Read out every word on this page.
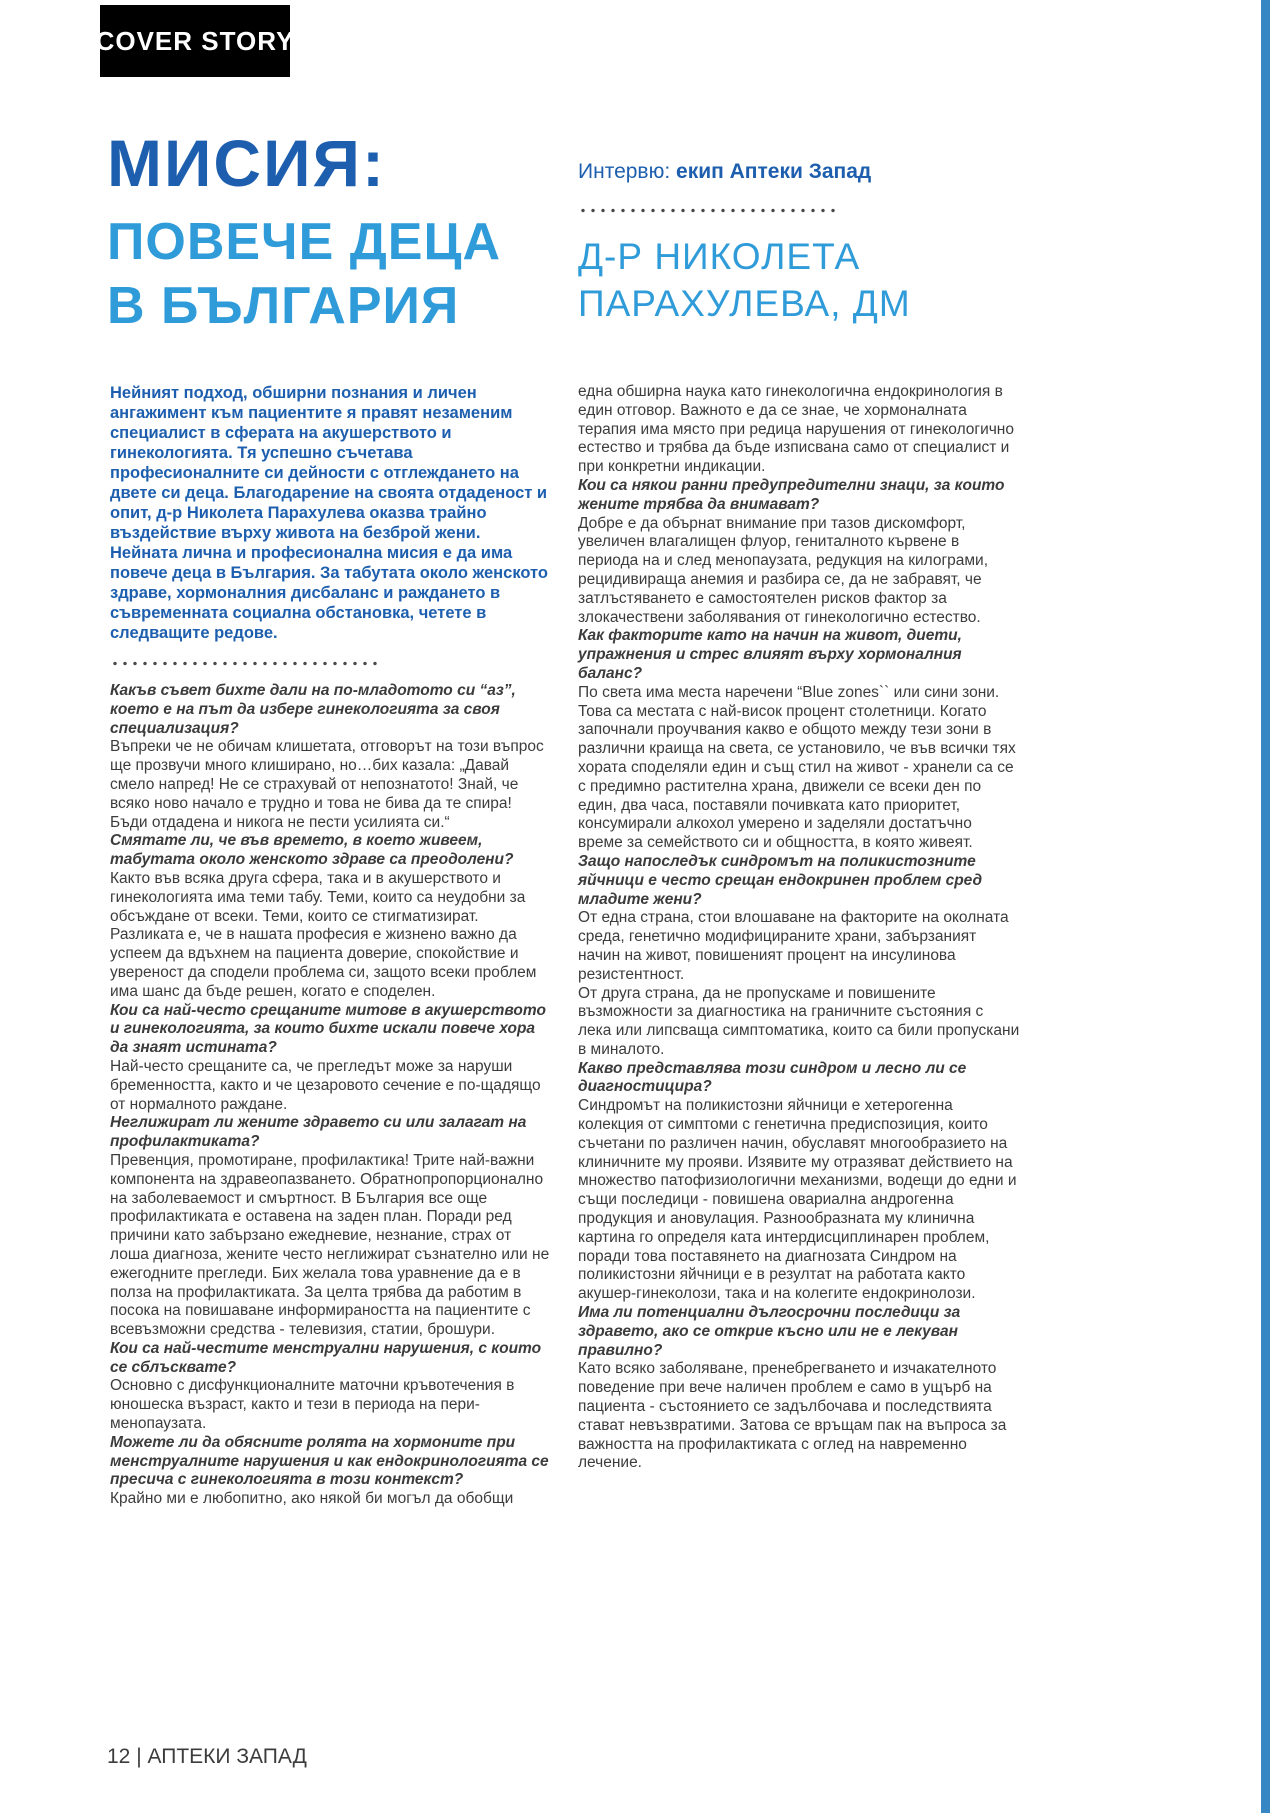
COVER STORY
МИСИЯ:
ПОВЕЧЕ ДЕЦА
В БЪЛГАРИЯ
Интервю: екип Аптеки Запад
Д-Р НИКОЛЕТА
ПАРАХУЛЕВА, ДМ

Нейният подход, обширни познания и личен ангажимент към пациентите я правят незаменим специалист в сферата на акушерството и гинекологията. Тя успешно съчетава професионалните си дейности с отглеждането на двете си деца. Благодарение на своята отдаденост и опит, д-р Николета Парахулева оказва трайно въздействие върху живота на безброй жени. Нейната лична и професионална мисия е да има повече деца в България. За табутата около женското здраве, хормоналния дисбаланс и раждането в съвременната социална обстановка, четете в следващите редове.

Какъв съвет бихте дали на по-младотото си “аз”, което е на път да избере гинекологията за своя специализация?

Въпреки че не обичам клишетата, отговорът на този въпрос ще прозвучи много клиширано, но…бих казала: „Давай смело напред! Не се страхувай от непознатото! Знай, че всяко ново начало е трудно и това не бива да те спира! Бъди отдадена и никога не пести усилията си.“

Смятате ли, че във времето, в което живеем, табутата около женското здраве са преодолени?

Както във всяка друга сфера, така и в акушерството и гинекологията има теми табу. Теми, които са неудобни за обсъждане от всеки. Теми, които се стигматизират. Разликата е, че в нашата професия е жизнено важно да успеем да вдъхнем на пациента доверие, спокойствие и увереност да сподели проблема си, защото всеки проблем има шанс да бъде решен, когато е споделен.

Кои са най-често срещаните митове в акушерството и гинекологията, за които бихте искали повече хора да знаят истината?

Най-често срещаните са, че прегледът може за наруши бременността, както и че цезаровото сечение е по-щадящо от нормалното раждане.

Неглижират ли жените здравето си или залагат на профилактиката?

Превенция, промотиране, профилактика! Трите най-важни компонента на здравеопазването. Обратнопропорционално на заболеваемост и смъртност. В България все още профилактиката е оставена на заден план. Поради ред причини като забързано ежедневие, незнание, страх от лоша диагноза, жените често неглижират съзнателно или не ежегодните прегледи. Бих желала това уравнение да е в полза на профилактиката. За целта трябва да работим в посока на повишаване информираността на пациентите с всевъзможни средства - телевизия, статии, брошури.

Кои са най-честите менструални нарушения, с които се сблъсквате?

Основно с дисфункционалните маточни кръвотечения в юношеска възраст, както и тези в периода на пери-менопаузата.

Можете ли да обясните ролята на хормоните при менструалните нарушения и как ендокринологията се пресича с гинекологията в този контекст?

Крайно ми е любопитно, ако някой би могъл да обобщи

една обширна наука като гинекологична ендокринология в един отговор. Важното е да се знае, че хормоналната терапия има място при редица нарушения от гинекологично естество и трябва да бъде изписвана само от специалист и при конкретни индикации.

Кои са някои ранни предупредителни знаци, за които жените трябва да внимават?

Добре е да обърнат внимание при тазов дискомфорт, увеличен влагалищен флуор, гениталното кървене в периода на и след менопаузата, редукция на килограми, рецидивираща анемия и разбира се, да не забравят, че затлъстяването е самостоятелен рисков фактор за злокачествени заболявания от гинекологично естество.

Как факторите като на начин на живот, диети, упражнения и стрес влияят върху хормоналния баланс?

По света има места наречени “Blue zones`` или сини зони. Това са местата с най-висок процент столетници. Когато започнали проучвания какво е общото между тези зони в различни краища на света, се установило, че във всички тях хората споделяли един и същ стил на живот - хранели са се с предимно растителна храна, движели се всеки ден по един, два часа, поставяли почивката като приоритет, консумирали алкохол умерено и заделяли достатъчно време за семейството си и общността, в която живеят.

Защо напоследък синдромът на поликистозните яйчници е често срещан ендокринен проблем сред младите жени?

От една страна, стои влошаване на факторите на околната среда, генетично модифицираните храни, забързаният начин на живот, повишеният процент на инсулинова резистентност.

От друга страна, да не пропускаме и повишените възможности за диагностика на граничните състояния с лека или липсваща симптоматика, които са били пропускани в миналото.

Какво представлява този синдром и лесно ли се диагностицира?

Синдромът на поликистозни яйчници е хетерогенна колекция от симптоми с генетична предиспозиция, които съчетани по различен начин, обуславят многообразието на клиничните му прояви. Изявите му отразяват действието на множество патофизиологични механизми, водещи до едни и същи последици - повишена овариална андрогенна продукция и ановулация. Разнообразната му клинична картина го определя ката интердисциплинарен проблем, поради това поставянето на диагнозата Синдром на поликистозни яйчници е в резултат на работата както акушер-гинеколози, така и на колегите ендокринолози.

Има ли потенциални дългосрочни последици за здравето, ако се открие късно или не е лекуван правилно?

Като всяко заболяване, пренебрегването и изчакателното поведение при вече наличен проблем е само в ущърб на пациента - състоянието се задълбочава и последствията стават невъзвратими. Затова се връщам пак на въпроса за важността на профилактиката с оглед на навременно лечение.

12 | АПТЕКИ ЗАПАД
